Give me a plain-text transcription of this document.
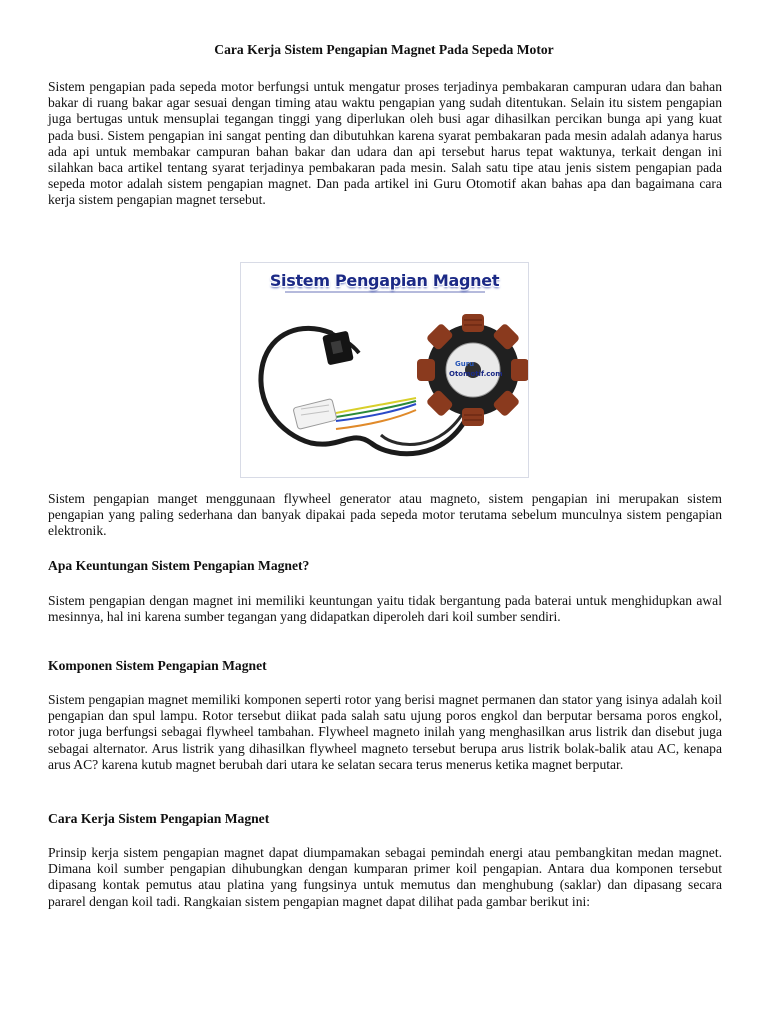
Cara Kerja Sistem Pengapian Magnet Pada Sepeda Motor

Sistem pengapian pada sepeda motor berfungsi untuk mengatur proses terjadinya pembakaran campuran udara dan bahan bakar di ruang bakar agar sesuai dengan timing atau waktu pengapian yang sudah ditentukan. Selain itu sistem pengapian juga bertugas untuk mensuplai tegangan tinggi yang diperlukan oleh busi agar dihasilkan percikan bunga api yang kuat pada busi. Sistem pengapian ini sangat penting dan dibutuhkan karena syarat pembakaran pada mesin adalah adanya harus ada api untuk membakar campuran bahan bakar dan udara dan api tersebut harus tepat waktunya, terkait dengan ini silahkan baca artikel tentang syarat terjadinya pembakaran pada mesin. Salah satu tipe atau jenis sistem pengapian pada sepeda motor adalah sistem pengapian magnet. Dan pada artikel ini Guru Otomotif akan bahas apa dan bagaimana cara kerja sistem pengapian magnet tersebut.

Sistem Pengapian Magnet
Guru
Otomotif.com

Sistem pengapian manget menggunaan flywheel generator atau magneto, sistem pengapian ini merupakan sistem pengapian yang paling sederhana dan banyak dipakai pada sepeda motor terutama sebelum munculnya sistem pengapian elektronik.

Apa Keuntungan Sistem Pengapian Magnet?

Sistem pengapian dengan magnet ini memiliki keuntungan yaitu tidak bergantung pada baterai untuk menghidupkan awal mesinnya, hal ini karena sumber tegangan yang didapatkan diperoleh dari koil sumber sendiri.

Komponen Sistem Pengapian Magnet

Sistem pengapian magnet memiliki komponen seperti rotor yang berisi magnet permanen dan stator yang isinya adalah koil pengapian dan spul lampu. Rotor tersebut diikat pada salah satu ujung poros engkol dan berputar bersama poros engkol, rotor juga berfungsi sebagai flywheel tambahan. Flywheel magneto inilah yang menghasilkan arus listrik dan disebut juga sebagai alternator. Arus listrik yang dihasilkan flywheel magneto tersebut berupa arus listrik bolak-balik atau AC, kenapa arus AC? karena kutub magnet berubah dari utara ke selatan secara terus menerus ketika magnet berputar.

Cara Kerja Sistem Pengapian Magnet

Prinsip kerja sistem pengapian magnet dapat diumpamakan sebagai pemindah energi atau pembangkitan medan magnet. Dimana koil sumber pengapian dihubungkan dengan kumparan primer koil pengapian. Antara dua komponen tersebut dipasang kontak pemutus atau platina yang fungsinya untuk memutus dan menghubung (saklar) dan dipasang secara pararel dengan koil tadi. Rangkaian sistem pengapian magnet dapat dilihat pada gambar berikut ini:
